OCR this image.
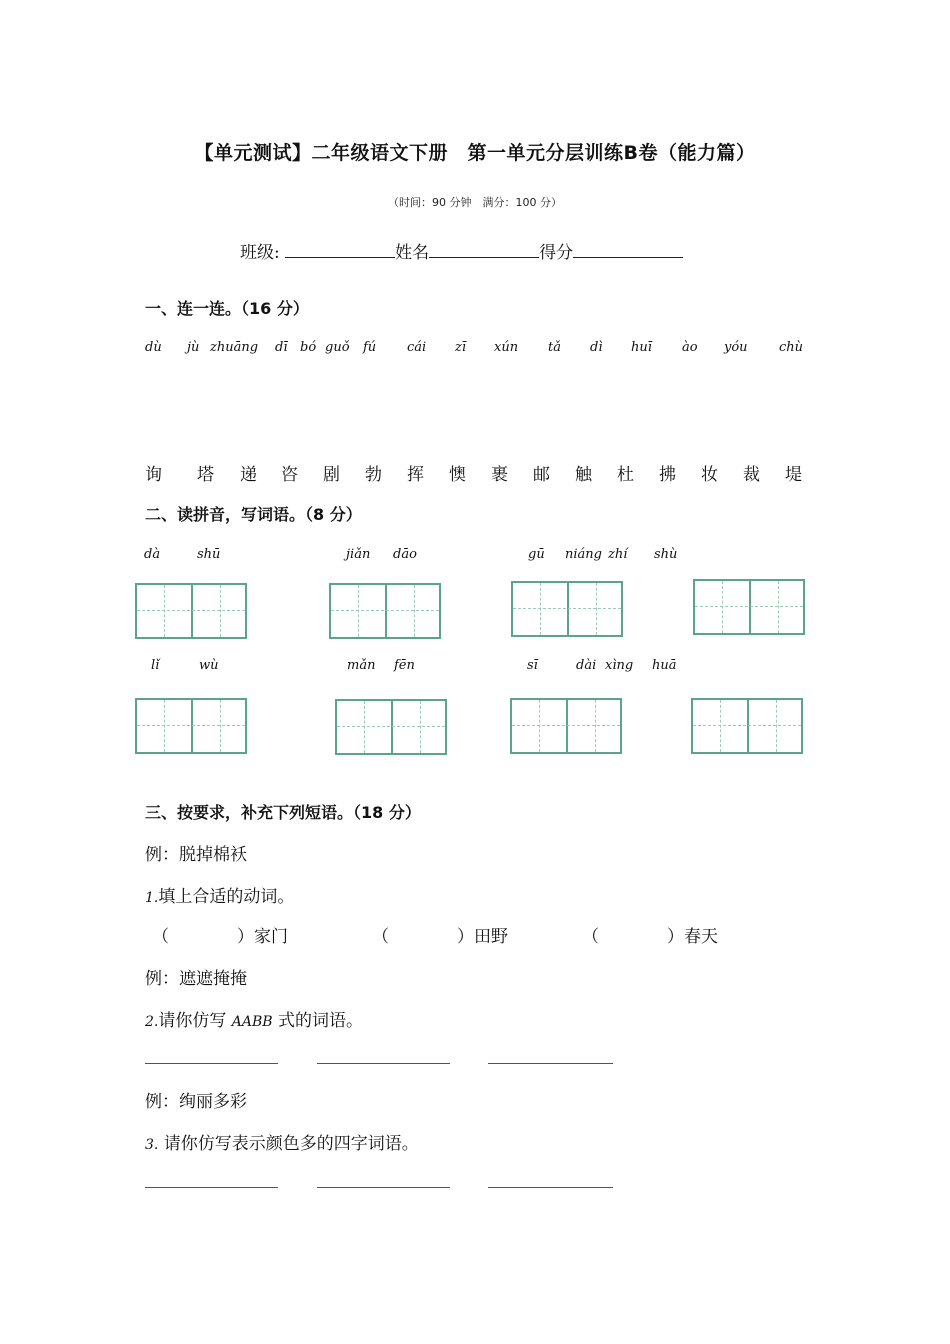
【单元测试】二年级语文下册　第一单元分层训练B卷（能力篇）
（时间：90 分钟　满分：100 分）
班级:	姓名	得分
一、连一连。（16 分）
dù jù zhuāng dī bó guǒ fú cái zī xún tǎ dì huī ào yóu chù
询 塔 递 咨 剧 勃 挥 懊 裹 邮 触 杜 拂 妆 裁 堤
二、读拼音，写词语。（8 分）
dà	shū	jiǎn dāo	gū niáng zhí shù
lǐ	wù	mǎn fēn	sī	dài xìng huā
三、按要求，补充下列短语。（18 分）
例：脱掉棉袄
1.填上合适的动词。
（　　　　）家门	（　　　　）田野	（　　　　）春天
例：遮遮掩掩
2.请你仿写 AABB 式的词语。
例：绚丽多彩
3. 请你仿写表示颜色多的四字词语。
